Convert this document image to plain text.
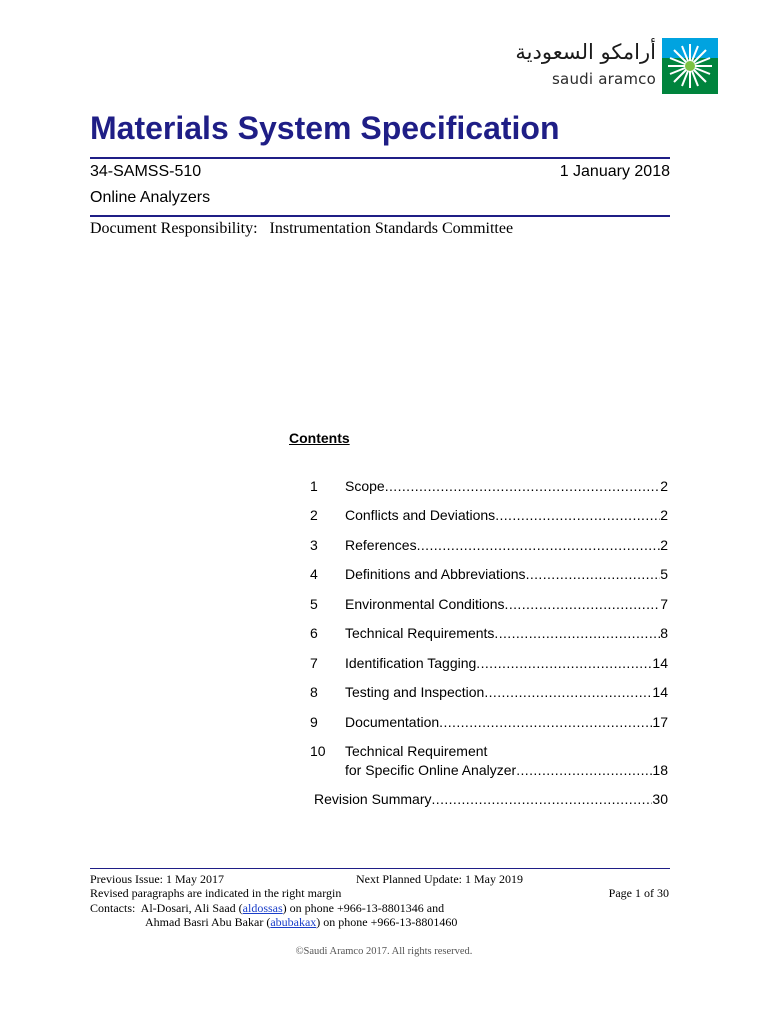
أرامكو السعودية
saudi aramco
Materials System Specification
34-SAMSS-510	1 January 2018
Online Analyzers
Document Responsibility: Instrumentation Standards Committee
Contents
1	Scope .....	2
2	Conflicts and Deviations .....	2
3	References .....	2
4	Definitions and Abbreviations .....	5
5	Environmental Conditions .....	7
6	Technical Requirements .....	8
7	Identification Tagging .....	14
8	Testing and Inspection .....	14
9	Documentation .....	17
10	Technical Requirement
for Specific Online Analyzer .....	18
Revision Summary .....	30
Previous Issue: 1 May 2017	Next Planned Update: 1 May 2019
Revised paragraphs are indicated in the right margin	Page 1 of 30
Contacts: Al-Dosari, Ali Saad (aldossas) on phone +966-13-8801346 and
Ahmad Basri Abu Bakar (abubakax) on phone +966-13-8801460
©Saudi Aramco 2017. All rights reserved.
